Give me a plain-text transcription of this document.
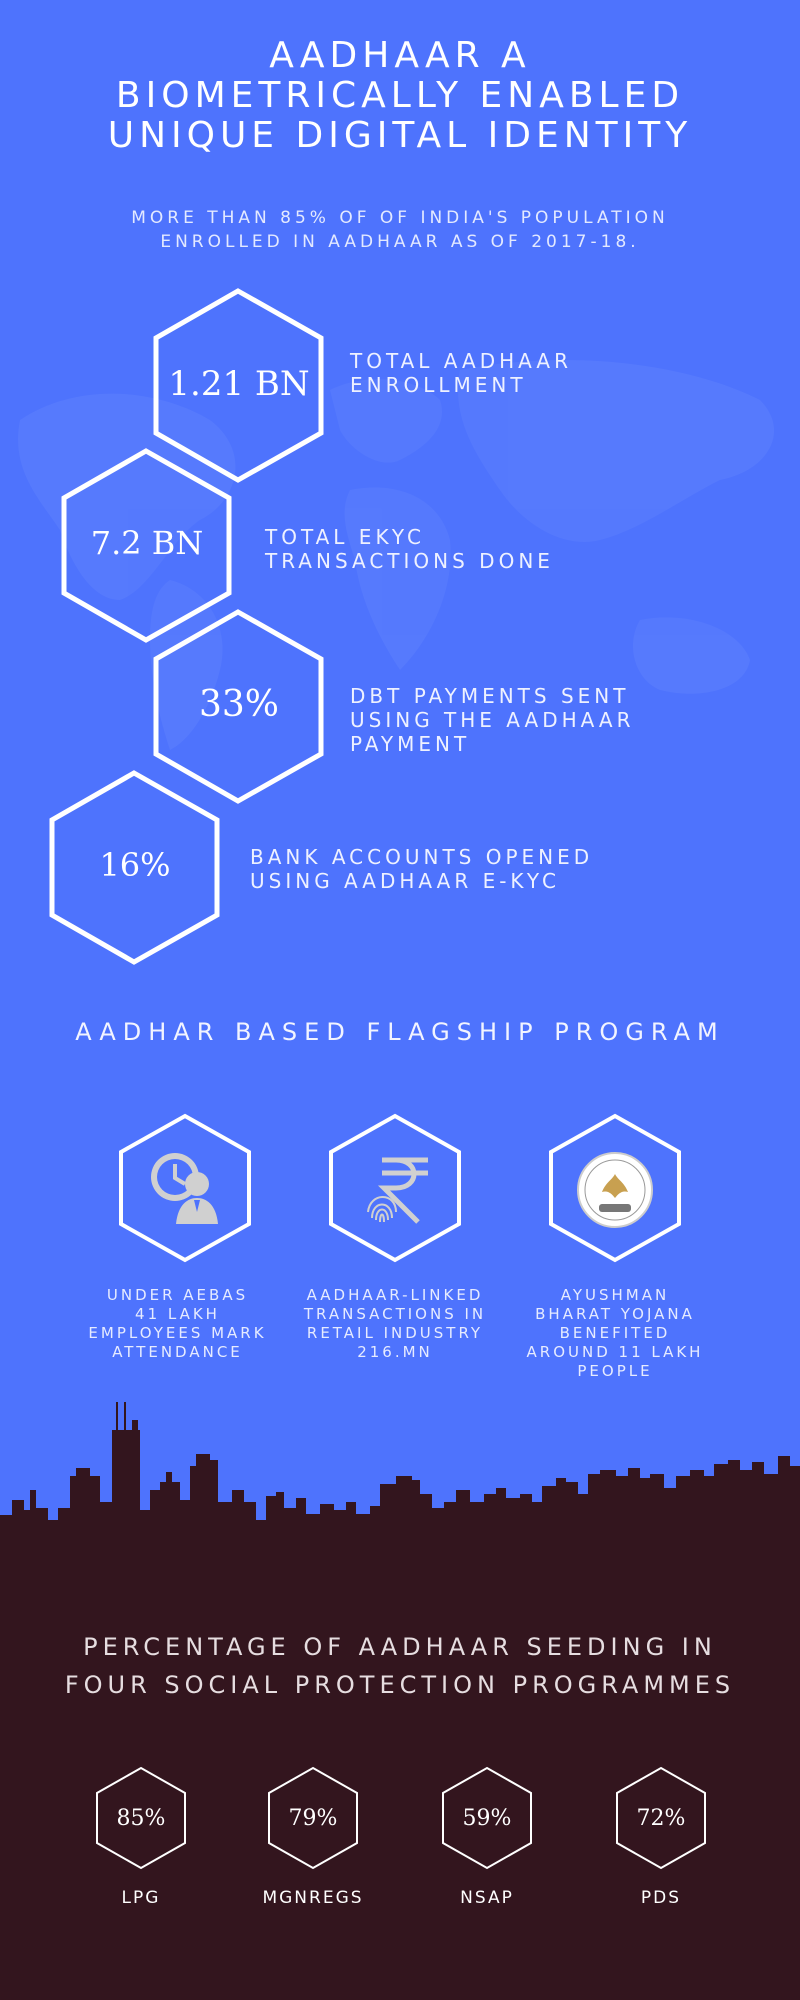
AADHAAR A
BIOMETRICALLY ENABLED
UNIQUE DIGITAL IDENTITY
MORE THAN 85% OF OF INDIA'S POPULATION
ENROLLED IN AADHAAR AS OF 2017-18.
1.21 BN
7.2 BN
33%
16%
TOTAL AADHAAR
ENROLLMENT
TOTAL EKYC
TRANSACTIONS DONE
DBT PAYMENTS SENT
USING THE AADHAAR
PAYMENT
BANK ACCOUNTS OPENED
USING AADHAAR E-KYC
AADHAR BASED FLAGSHIP PROGRAM
UNDER AEBAS
41 LAKH
EMPLOYEES MARK
ATTENDANCE
AADHAAR-LINKED
TRANSACTIONS IN
RETAIL INDUSTRY
216.MN
AYUSHMAN
BHARAT YOJANA
BENEFITED
AROUND 11 LAKH
PEOPLE
PERCENTAGE OF AADHAAR SEEDING IN
FOUR SOCIAL PROTECTION PROGRAMMES
85%	79%	59%	72%
LPG	MGNREGS	NSAP	PDS
